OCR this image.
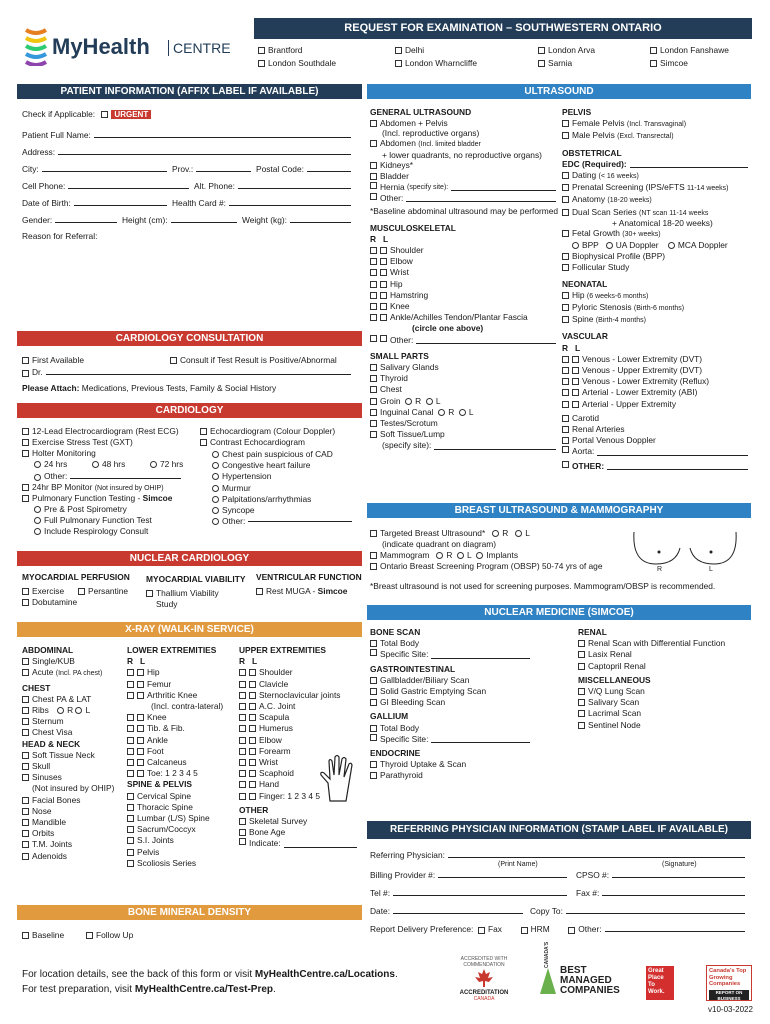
MyHealth	CENTRE
REQUEST FOR EXAMINATION – SOUTHWESTERN ONTARIO
Brantford
London Southdale
Delhi
London Wharncliffe
London Arva
Sarnia
London Fanshawe
Simcoe
PATIENT INFORMATION (AFFIX LABEL IF AVAILABLE)
Check if Applicable: URGENT
Patient Full Name:
Address:
City:	Prov.:	Postal Code:
Cell Phone:	Alt. Phone:
Date of Birth:	Health Card #:
Gender:	Height (cm):	Weight (kg):
Reason for Referral:
CARDIOLOGY CONSULTATION
First Available	Consult if Test Result is Positive/Abnormal
Dr.
Please Attach: Medications, Previous Tests, Family & Social History
CARDIOLOGY
12-Lead Electrocardiogram (Rest ECG)
Exercise Stress Test (GXT)
Holter Monitoring
24 hrs	48 hrs	72 hrs
Other:
24hr BP Monitor (Not insured by OHIP)
Pulmonary Function Testing - Simcoe
Pre & Post Spirometry
Full Pulmonary Function Test
Include Respirology Consult
Echocardiogram (Colour Doppler)
Contrast Echocardiogram
Chest pain suspicious of CAD
Congestive heart failure
Hypertension
Murmur
Palpitations/arrhythmias
Syncope
Other:
NUCLEAR CARDIOLOGY
MYOCARDIAL PERFUSION
Exercise	Persantine
Dobutamine
MYOCARDIAL VIABILITY
Thallium Viability
Study
VENTRICULAR FUNCTION
Rest MUGA - Simcoe
X-RAY (WALK-IN SERVICE)
ABDOMINAL
Single/KUB
Acute (Incl. PA chest)
CHEST
Chest PA & LAT
Ribs R L
Sternum
Chest Visa
HEAD & NECK
Soft Tissue Neck
Skull
Sinuses
(Not insured by OHIP)
Facial Bones
Nose
Mandible
Orbits
T.M. Joints
Adenoids
LOWER EXTREMITIES
R L
Hip
Femur
Arthritic Knee
(Incl. contra-lateral)
Knee
Tib. & Fib.
Ankle
Foot
Calcaneus
Toe: 1 2 3 4 5
SPINE & PELVIS
Cervical Spine
Thoracic Spine
Lumbar (L/S) Spine
Sacrum/Coccyx
S.I. Joints
Pelvis
Scoliosis Series
UPPER EXTREMITIES
R L
Shoulder
Clavicle
Sternoclavicular joints
A.C. Joint
Scapula
Humerus
Elbow
Forearm
Wrist
Scaphoid
Hand
Finger: 1 2 3 4 5
OTHER
Skeletal Survey
Bone Age
Indicate:
BONE MINERAL DENSITY
Baseline	Follow Up
ULTRASOUND
GENERAL ULTRASOUND
Abdomen + Pelvis
(Incl. reproductive organs)
Abdomen (Incl. limited bladder
+ lower quadrants, no reproductive organs)
Kidneys*
Bladder
Hernia
(specify site):
Other:
*Baseline abdominal ultrasound may be performed
MUSCULOSKELETAL
R L
Shoulder
Elbow
Wrist
Hip
Hamstring
Knee
Ankle/Achilles Tendon/Plantar Fascia
(circle one above)
Other:
SMALL PARTS
Salivary Glands
Thyroid
Chest
Groin R L
Inguinal Canal R L
Testes/Scrotum
Soft Tissue/Lump
(specify site):
PELVIS
Female Pelvis (Incl. Transvaginal)
Male Pelvis (Excl. Transrectal)
OBSTETRICAL
EDC (Required):
Dating (< 16 weeks)
Prenatal Screening (IPS/eFTS 11-14 weeks)
Anatomy (18-20 weeks)
Dual Scan Series (NT scan 11-14 weeks
+ Anatomical 18-20 weeks)
Fetal Growth (30+ weeks)
BPP UA Doppler MCA Doppler
Biophysical Profile (BPP)
Follicular Study
NEONATAL
Hip (6 weeks-6 months)
Pyloric Stenosis (Birth-6 months)
Spine (Birth-4 months)
VASCULAR
R L
Venous - Lower Extremity (DVT)
Venous - Upper Extremity (DVT)
Venous - Lower Extremity (Reflux)
Arterial - Lower Extremity (ABI)
Arterial - Upper Extremity
Carotid
Renal Arteries
Portal Venous Doppler
Aorta:
OTHER:
BREAST ULTRASOUND & MAMMOGRAPHY
Targeted Breast Ultrasound* R L
(indicate quadrant on diagram)
Mammogram R L Implants
Ontario Breast Screening Program (OBSP) 50-74 yrs of age
*Breast ultrasound is not used for screening purposes. Mammogram/OBSP is recommended.
R	L
NUCLEAR MEDICINE (SIMCOE)
BONE SCAN
Total Body
Specific Site:
GASTROINTESTINAL
Gallbladder/Biliary Scan
Solid Gastric Emptying Scan
GI Bleeding Scan
GALLIUM
Total Body
Specific Site:
ENDOCRINE
Thyroid Uptake & Scan
Parathyroid
RENAL
Renal Scan with Differential Function
Lasix Renal
Captopril Renal
MISCELLANEOUS
V/Q Lung Scan
Salivary Scan
Lacrimal Scan
Sentinel Node
REFERRING PHYSICIAN INFORMATION (STAMP LABEL IF AVAILABLE)
Referring Physician:
(Print Name)	(Signature)
Billing Provider #:	CPSO #:
Tel #:	Fax #:
Date:	Copy To:
Report Delivery Preference:
Fax
	HRM
	Other:
For location details, see the back of this form or visit MyHealthCentre.ca/Locations.
For test preparation, visit MyHealthCentre.ca/Test-Prep.
ACCREDITED WITH COMMENDATION
ACCREDITATION
CANADA
CANADA'S
BEST MANAGED COMPANIES
Great Place To Work.
Canada's Top Growing Companies
REPORT ON BUSINESS
v10-03-2022
